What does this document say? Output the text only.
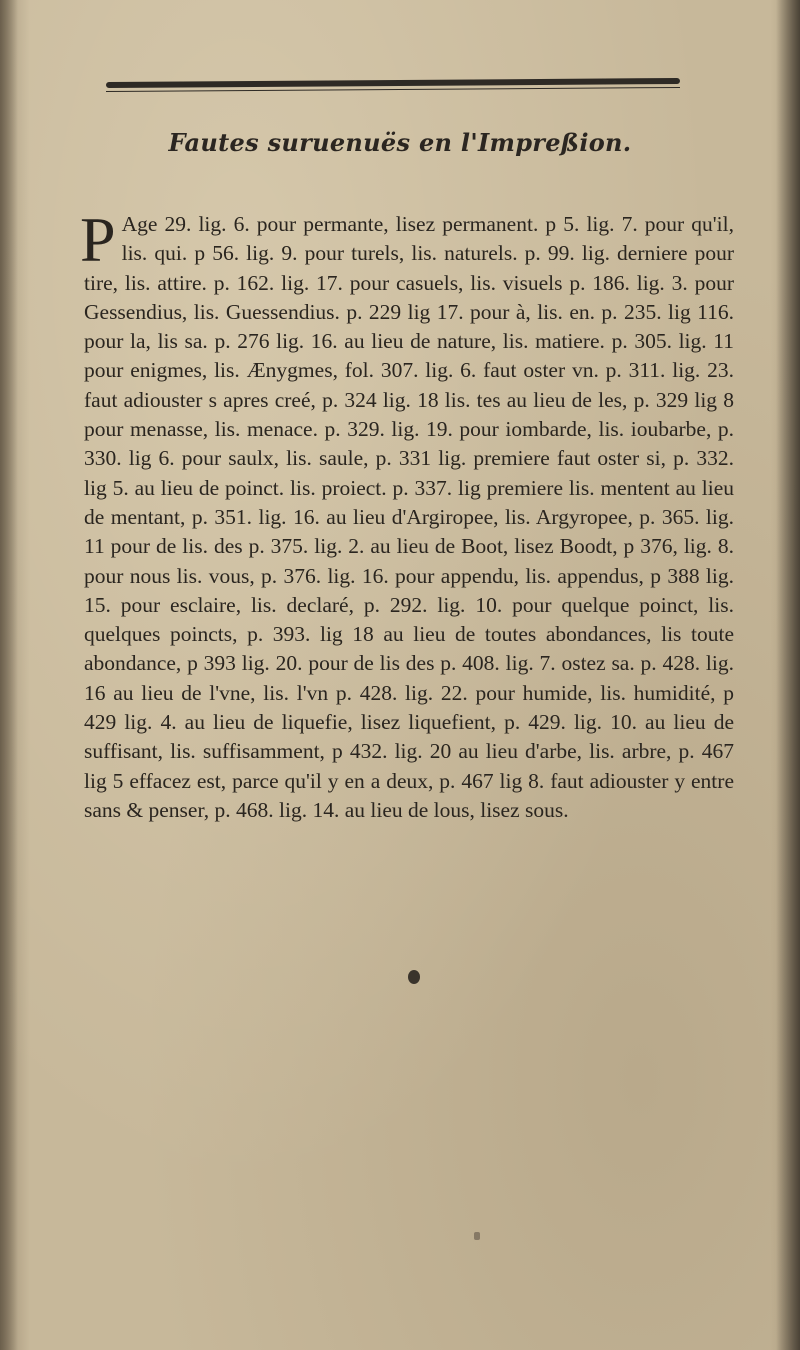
Fautes suruenuës en l'Impreßion.
P Age 29. lig. 6. pour permante, lisez permanent. p 5. lig. 7. pour qu'il, lis. qui. p 56. lig. 9. pour turels, lis. naturels. p. 99. lig. derniere pour tire, lis. attire. p. 162. lig. 17. pour casuels, lis. visuels p. 186. lig. 3. pour Gessendius, lis. Guessendius. p. 229 lig 17. pour à, lis. en. p. 235. lig 116. pour la, lis sa. p. 276 lig. 16. au lieu de nature, lis. matiere. p. 305. lig. 11 pour enigmes, lis. Ænygmes, fol. 307. lig. 6. faut oster vn. p. 311. lig. 23. faut adiouster s apres creé, p. 324 lig. 18 lis. tes au lieu de les, p. 329 lig 8 pour menasse, lis. menace. p. 329. lig. 19. pour iombarde, lis. ioubarbe, p. 330. lig 6. pour saulx, lis. saule, p. 331 lig. premiere faut oster si, p. 332. lig 5. au lieu de poinct. lis. proiect. p. 337. lig premiere lis. mentent au lieu de mentant, p. 351. lig. 16. au lieu d'Argiropee, lis. Argyropee, p. 365. lig. 11 pour de lis. des p. 375. lig. 2. au lieu de Boot, lisez Boodt, p 376, lig. 8. pour nous lis. vous, p. 376. lig. 16. pour appendu, lis. appendus, p 388 lig. 15. pour esclaire, lis. declaré, p. 292. lig. 10. pour quelque poinct, lis. quelques poincts, p. 393. lig 18 au lieu de toutes abondances, lis toute abondance, p 393 lig. 20. pour de lis des p. 408. lig. 7. ostez sa. p. 428. lig. 16 au lieu de l'vne, lis. l'vn p. 428. lig. 22. pour humide, lis. humidité, p 429 lig. 4. au lieu de liquefie, lisez liquefient, p. 429. lig. 10. au lieu de suffisant, lis. suffisamment, p 432. lig. 20 au lieu d'arbe, lis. arbre, p. 467 lig 5 effacez est, parce qu'il y en a deux, p. 467 lig 8. faut adiouster y entre sans & penser, p. 468. lig. 14. au lieu de lous, lisez sous.
